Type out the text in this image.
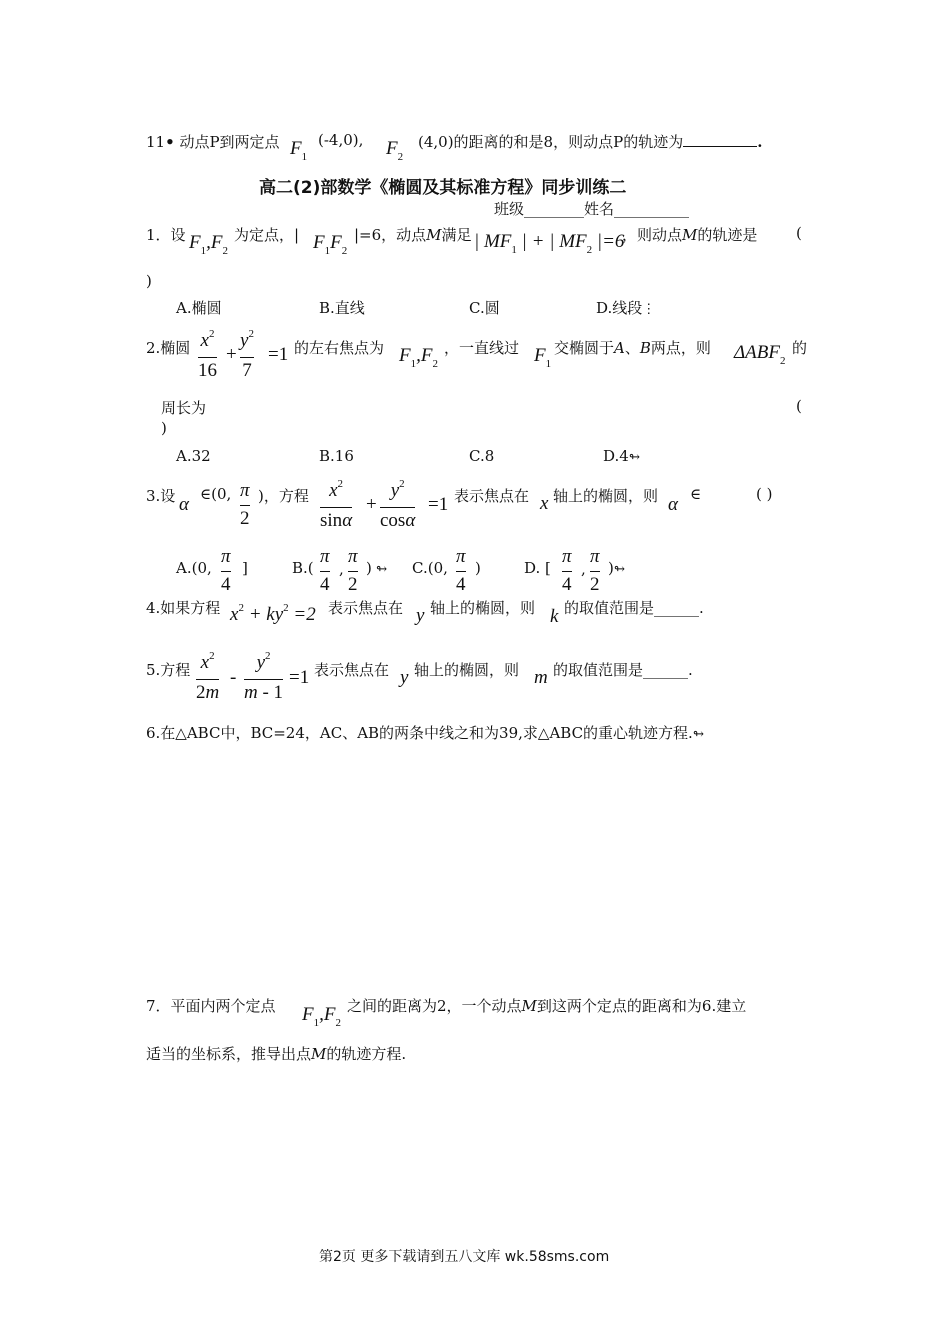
11• 动点P到两定点 $F_1$
(-4,0), $F_2$
(4,0)的距离的和是8，则动点P的轨迹为	.
高二(2)部数学《椭圆及其标准方程》同步训练二
班级________姓名__________
1．设 $F_1,F_2$
为定点，| $F_1F_2$
|=6，动点M满足 | $MF_1$ | + | $MF_2$ |=6
，则动点M的轨迹是	(
)
A.椭圆	B.直线	C.圆	D.线段⋮
2.椭圆 $x^2$
16
+
$y^2$
7
=1 的左右焦点为 $F_1,F_2$
，一直线过 $F_1$
交椭圆于A、B两点，则 $\Delta ABF_2$
的
周长为	(
)
A.32	B.16	C.8	D.4↬
3.设 α ∈(0, π
2
)，方程 $x^2$
sinα
+
$y^2$
cosα
=1 表示焦点在 x 轴上的椭圆，则 α ∈	( )
A.(0,
π
4
]	B.(
π
4
,
π
2
) ↬ C.(0,
π
4
)	D. [
π
4
,
π
2
)↬
4.如果方程 $x^2 + ky^2 =2$ 表示焦点在 y 轴上的椭圆，则 k 的取值范围是______.
5.方程 $x^2$
2m
-
$y^2$
m - 1
=1 表示焦点在 y 轴上的椭圆，则 m 的取值范围是______.
6.在△ABC中，BC=24，AC、AB的两条中线之和为39,求△ABC的重心轨迹方程.↬
7．平面内两个定点 $F_1,F_2$
之间的距离为2，一个动点M到这两个定点的距离和为6.建立
适当的坐标系，推导出点M的轨迹方程.
第2页 更多下载请到五八文库 wk.58sms.com
